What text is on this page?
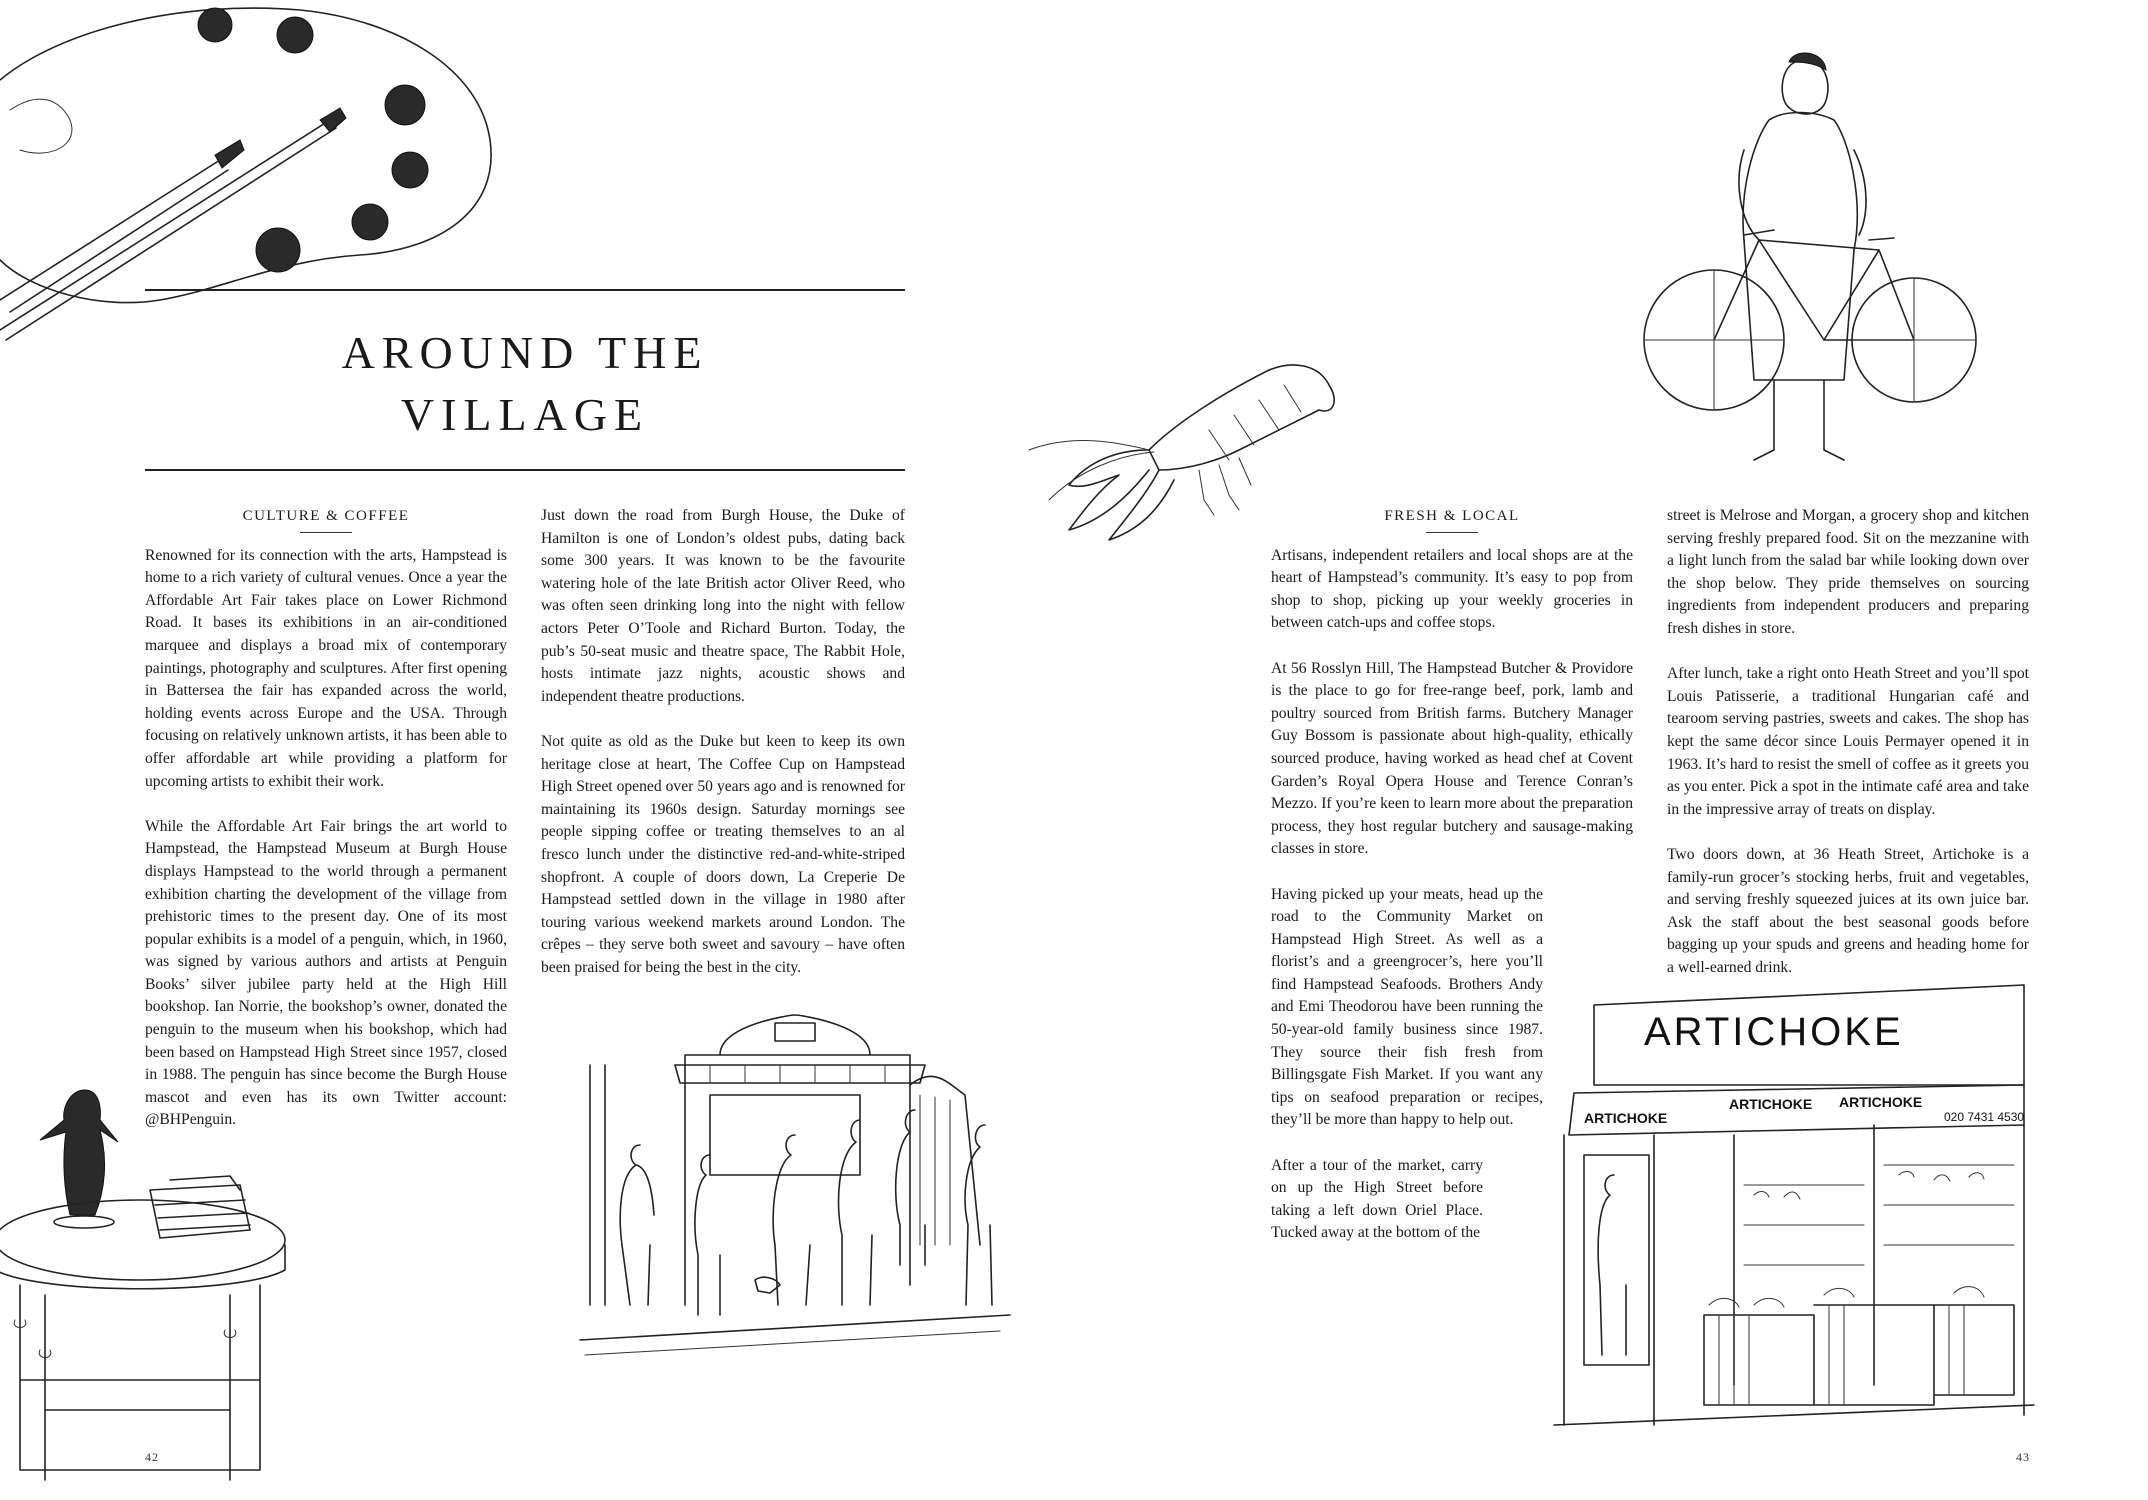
AROUND THE
VILLAGE
CULTURE & COFFEE

Renowned for its connection with the arts, Hampstead is home to a rich variety of cultural venues. Once a year the Affordable Art Fair takes place on Lower Richmond Road. It bases its exhibitions in an air-conditioned marquee and displays a broad mix of contemporary paintings, photography and sculptures. After first opening in Battersea the fair has expanded across the world, holding events across Europe and the USA. Through focusing on relatively unknown artists, it has been able to offer affordable art while providing a platform for upcoming artists to exhibit their work.

While the Affordable Art Fair brings the art world to Hampstead, the Hampstead Museum at Burgh House displays Hampstead to the world through a permanent exhibition charting the development of the village from prehistoric times to the present day. One of its most popular exhibits is a model of a penguin, which, in 1960, was signed by various authors and artists at Penguin Books’ silver jubilee party held at the High Hill bookshop. Ian Norrie, the bookshop’s owner, donated the penguin to the museum when his bookshop, which had been based on Hampstead High Street since 1957, closed in 1988. The penguin has since become the Burgh House mascot and even has its own Twitter account: @BHPenguin.

Just down the road from Burgh House, the Duke of Hamilton is one of London’s oldest pubs, dating back some 300 years. It was known to be the favourite watering hole of the late British actor Oliver Reed, who was often seen drinking long into the night with fellow actors Peter O’Toole and Richard Burton. Today, the pub’s 50-seat music and theatre space, The Rabbit Hole, hosts intimate jazz nights, acoustic shows and independent theatre productions.

Not quite as old as the Duke but keen to keep its own heritage close at heart, The Coffee Cup on Hampstead High Street opened over 50 years ago and is renowned for maintaining its 1960s design. Saturday mornings see people sipping coffee or treating themselves to an al fresco lunch under the distinctive red-and-white-striped shopfront. A couple of doors down, La Creperie De Hampstead settled down in the village in 1980 after touring various weekend markets around London. The crêpes – they serve both sweet and savoury – have often been praised for being the best in the city.

42
FRESH & LOCAL

Artisans, independent retailers and local shops are at the heart of Hampstead’s community. It’s easy to pop from shop to shop, picking up your weekly groceries in between catch-ups and coffee stops.

At 56 Rosslyn Hill, The Hampstead Butcher & Providore is the place to go for free-range beef, pork, lamb and poultry sourced from British farms. Butchery Manager Guy Bossom is passionate about high-quality, ethically sourced produce, having worked as head chef at Covent Garden’s Royal Opera House and Terence Conran’s Mezzo. If you’re keen to learn more about the preparation process, they host regular butchery and sausage-making classes in store.

Having picked up your meats, head up the road to the Community Market on Hampstead High Street. As well as a florist’s and a greengrocer’s, here you’ll find Hampstead Seafoods. Brothers Andy and Emi Theodorou have been running the 50-year-old family business since 1987. They source their fish fresh from Billingsgate Fish Market. If you want any tips on seafood preparation or recipes, they’ll be more than happy to help out.

After a tour of the market, carry on up the High Street before taking a left down Oriel Place. Tucked away at the bottom of the

street is Melrose and Morgan, a grocery shop and kitchen serving freshly prepared food. Sit on the mezzanine with a light lunch from the salad bar while looking down over the shop below. They pride themselves on sourcing ingredients from independent producers and preparing fresh dishes in store.

After lunch, take a right onto Heath Street and you’ll spot Louis Patisserie, a traditional Hungarian café and tearoom serving pastries, sweets and cakes. The shop has kept the same décor since Louis Permayer opened it in 1963. It’s hard to resist the smell of coffee as it greets you as you enter. Pick a spot in the intimate café area and take in the impressive array of treats on display.

Two doors down, at 36 Heath Street, Artichoke is a family-run grocer’s stocking herbs, fruit and vegetables, and serving freshly squeezed juices at its own juice bar. Ask the staff about the best seasonal goods before bagging up your spuds and greens and heading home for a well-earned drink.

ARTICHOKE
ARTICHOKE
ARTICHOKE ARTICHOKE
020 7431 4530
43
